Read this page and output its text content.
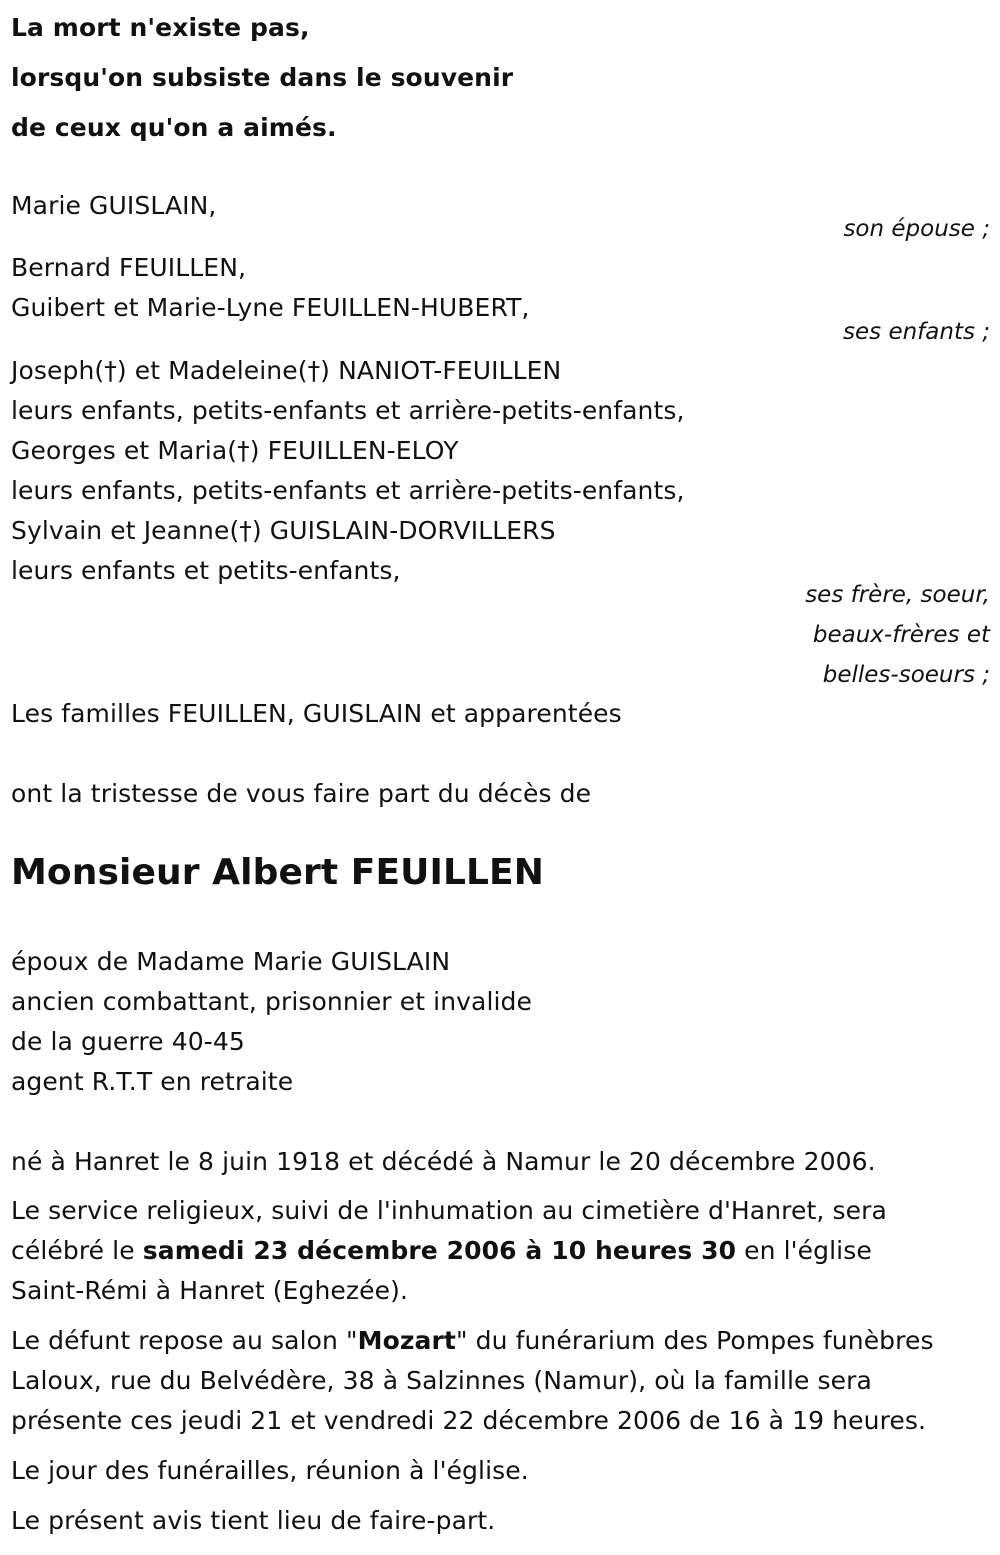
La mort n'existe pas,
lorsqu'on subsiste dans le souvenir
de ceux qu'on a aimés.
Marie GUISLAIN,
son épouse ;
Bernard FEUILLEN,
Guibert et Marie-Lyne FEUILLEN-HUBERT,
ses enfants ;
Joseph(†) et Madeleine(†) NANIOT-FEUILLEN
leurs enfants, petits-enfants et arrière-petits-enfants,
Georges et Maria(†) FEUILLEN-ELOY
leurs enfants, petits-enfants et arrière-petits-enfants,
Sylvain et Jeanne(†) GUISLAIN-DORVILLERS
leurs enfants et petits-enfants,
ses frère, soeur,
beaux-frères et
belles-soeurs ;
Les familles FEUILLEN, GUISLAIN et apparentées
ont la tristesse de vous faire part du décès de
Monsieur Albert FEUILLEN
époux de Madame Marie GUISLAIN
ancien combattant, prisonnier et invalide
de la guerre 40-45
agent R.T.T en retraite
né à Hanret le 8 juin 1918 et décédé à Namur le 20 décembre 2006.
Le service religieux, suivi de l'inhumation au cimetière d'Hanret, sera
célébré le samedi 23 décembre 2006 à 10 heures 30 en l'église
Saint-Rémi à Hanret (Eghezée).
Le défunt repose au salon "Mozart" du funérarium des Pompes funèbres
Laloux, rue du Belvédère, 38 à Salzinnes (Namur), où la famille sera
présente ces jeudi 21 et vendredi 22 décembre 2006 de 16 à 19 heures.
Le jour des funérailles, réunion à l'église.
Le présent avis tient lieu de faire-part.
